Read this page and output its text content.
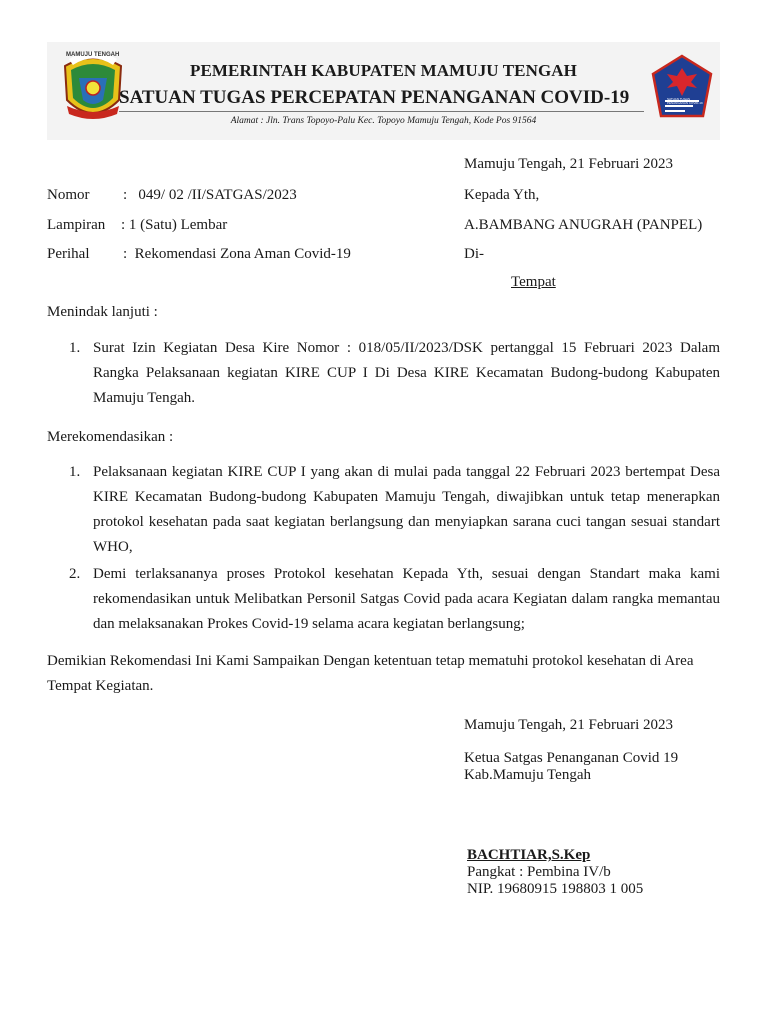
MAMUJU TENGAH
PEMERINTAH KABUPATEN MAMUJU TENGAH
SATUAN TUGAS PERCEPATAN PENANGANAN COVID-19
Alamat : Jln. Trans Topoyo-Palu Kec. Topoyo Mamuju Tengah, Kode Pos 91564
SATUAN TUGAS PENANGANAN COVID-19
Mamuju Tengah, 21 Februari 2023
Nomor :   049/ 02 /II/SATGAS/2023
Lampiran : 1 (Satu) Lembar
Perihal :  Rekomendasi Zona Aman Covid-19
Kepada Yth,
A.BAMBANG ANUGRAH (PANPEL)
Di-
Tempat
Menindak lanjuti :
1. Surat Izin Kegiatan Desa Kire Nomor : 018/05/II/2023/DSK pertanggal 15 Februari 2023 Dalam Rangka Pelaksanaan kegiatan KIRE CUP I Di Desa KIRE Kecamatan Budong-budong Kabupaten Mamuju Tengah.

Merekomendasikan :
1. Pelaksanaan kegiatan KIRE CUP I yang akan di mulai pada tanggal 22 Februari 2023 bertempat Desa KIRE Kecamatan Budong-budong Kabupaten Mamuju Tengah, diwajibkan untuk tetap menerapkan protokol kesehatan pada saat kegiatan berlangsung dan menyiapkan sarana cuci tangan sesuai standart WHO,

2. Demi terlaksananya proses Protokol kesehatan Kepada Yth, sesuai dengan Standart maka kami rekomendasikan untuk Melibatkan Personil Satgas Covid pada acara Kegiatan dalam rangka memantau dan melaksanakan Prokes Covid-19 selama acara kegiatan berlangsung;

Demikian Rekomendasi Ini Kami Sampaikan Dengan ketentuan tetap mematuhi protokol kesehatan di Area Tempat Kegiatan.

Mamuju Tengah, 21 Februari 2023
Ketua Satgas Penanganan Covid 19
Kab.Mamuju Tengah
BACHTIAR,S.Kep
Pangkat : Pembina IV/b
NIP. 19680915 198803 1 005
